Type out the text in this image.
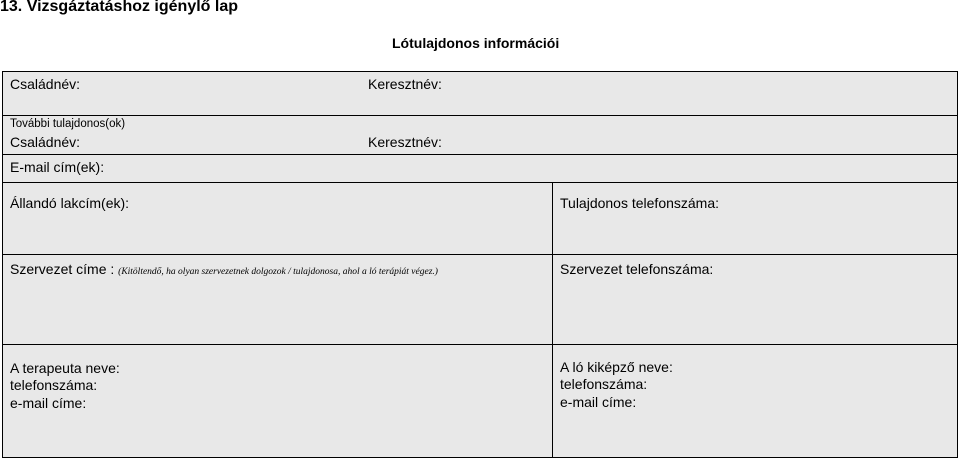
13. Vizsgáztatáshoz igénylő lap
Lótulajdonos információi
Családnév:	Keresztnév:
További tulajdonos(ok)
Családnév:	Keresztnév:
E-mail cím(ek):
Állandó lakcím(ek):	Tulajdonos telefonszáma:
Szervezet címe : (Kitöltendő, ha olyan szervezetnek dolgozok / tulajdonosa, ahol a ló terápiát végez.)	Szervezet telefonszáma:
A terapeuta neve:
telefonszáma:
e-mail címe:
A ló kiképző neve:
telefonszáma:
e-mail címe:
